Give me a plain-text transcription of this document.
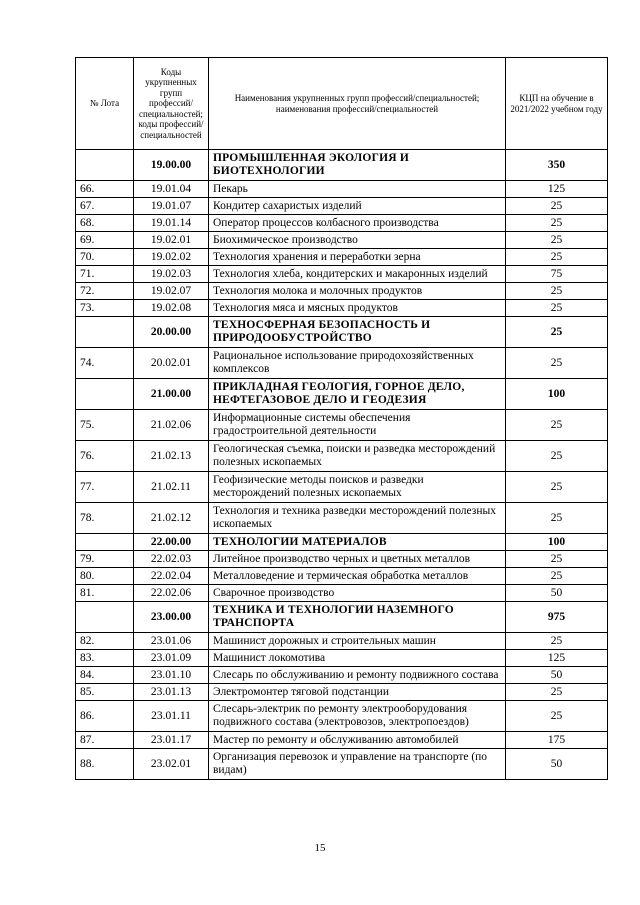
№ Лота	Коды укрупненных групп профессий/ специальностей; коды профессий/ специальностей	Наименования укрупненных групп профессий/специальностей; наименования профессий/специальностей	КЦП на обучение в 2021/2022 учебном году
	19.00.00	ПРОМЫШЛЕННАЯ ЭКОЛОГИЯ И БИОТЕХНОЛОГИИ	350
66.	19.01.04	Пекарь	125
67.	19.01.07	Кондитер сахаристых изделий	25
68.	19.01.14	Оператор процессов колбасного производства	25
69.	19.02.01	Биохимическое производство	25
70.	19.02.02	Технология хранения и переработки зерна	25
71.	19.02.03	Технология хлеба, кондитерских и макаронных изделий	75
72.	19.02.07	Технология молока и молочных продуктов	25
73.	19.02.08	Технология мяса и мясных продуктов	25
	20.00.00	ТЕХНОСФЕРНАЯ БЕЗОПАСНОСТЬ И ПРИРОДООБУСТРОЙСТВО	25
74.	20.02.01	Рациональное использование природохозяйственных комплексов	25
	21.00.00	ПРИКЛАДНАЯ ГЕОЛОГИЯ, ГОРНОЕ ДЕЛО, НЕФТЕГАЗОВОЕ ДЕЛО И ГЕОДЕЗИЯ	100
75.	21.02.06	Информационные системы обеспечения градостроительной деятельности	25
76.	21.02.13	Геологическая съемка, поиски и разведка месторождений полезных ископаемых	25
77.	21.02.11	Геофизические методы поисков и разведки месторождений полезных ископаемых	25
78.	21.02.12	Технология и техника разведки месторождений полезных ископаемых	25
	22.00.00	ТЕХНОЛОГИИ МАТЕРИАЛОВ	100
79.	22.02.03	Литейное производство черных и цветных металлов	25
80.	22.02.04	Металловедение и термическая обработка металлов	25
81.	22.02.06	Сварочное производство	50
	23.00.00	ТЕХНИКА И ТЕХНОЛОГИИ НАЗЕМНОГО ТРАНСПОРТА	975
82.	23.01.06	Машинист дорожных и строительных машин	25
83.	23.01.09	Машинист локомотива	125
84.	23.01.10	Слесарь по обслуживанию и ремонту подвижного состава	50
85.	23.01.13	Электромонтер тяговой подстанции	25
86.	23.01.11	Слесарь-электрик по ремонту электрооборудования подвижного состава (электровозов, электропоездов)	25
87.	23.01.17	Мастер по ремонту и обслуживанию автомобилей	175
88.	23.02.01	Организация перевозок и управление на транспорте (по видам)	50
15
